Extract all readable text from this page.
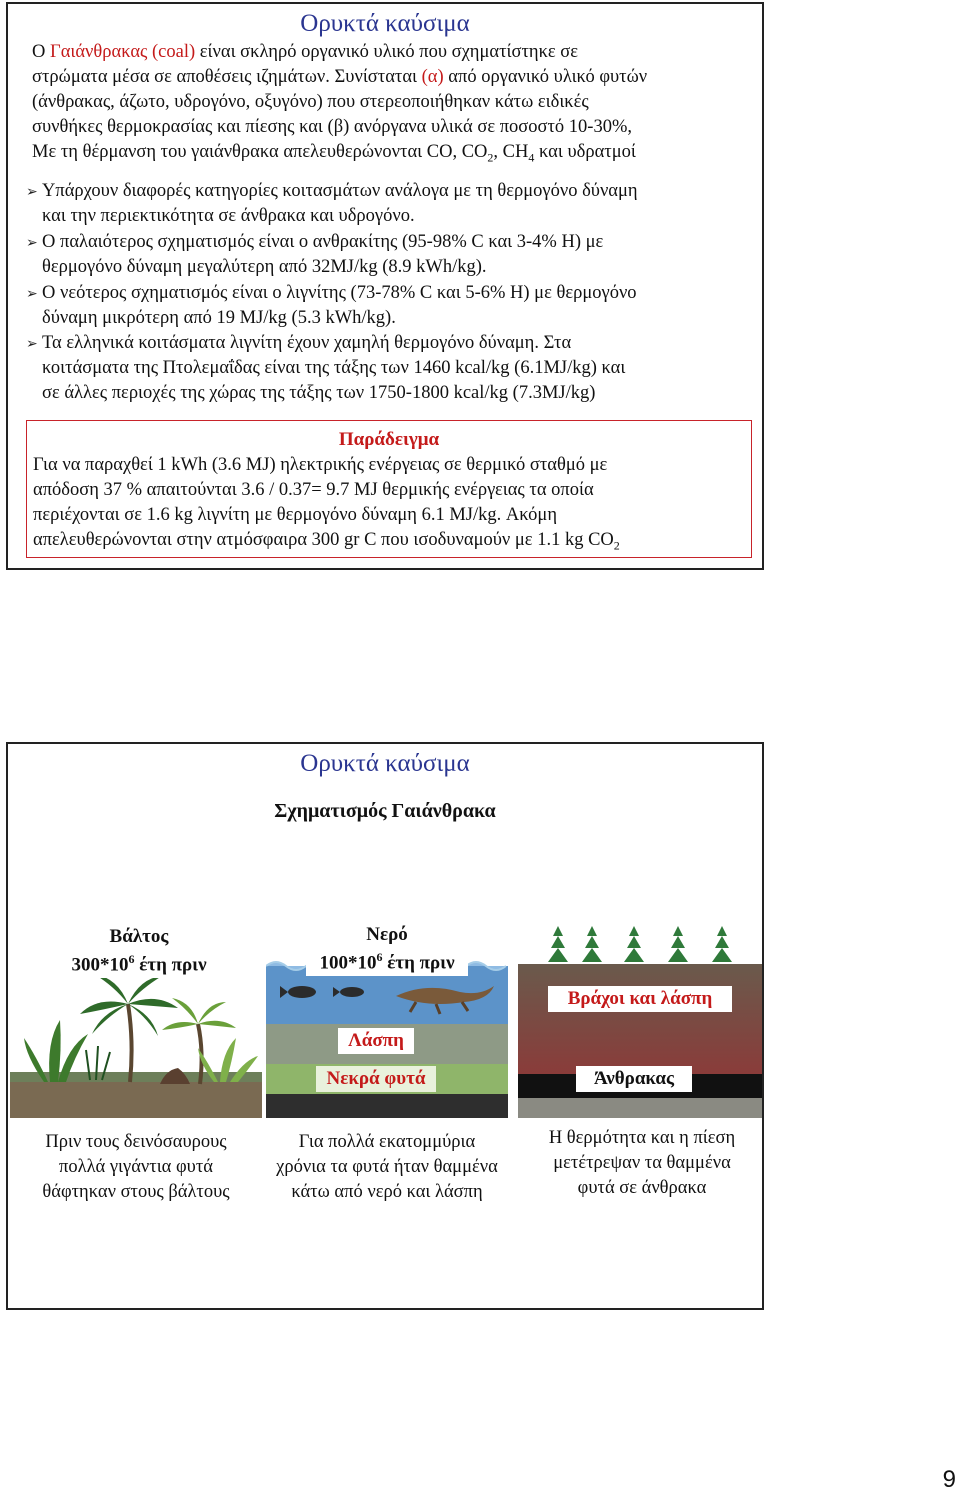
Ορυκτά καύσιμα
Ο Γαιάνθρακας (coal) είναι σκληρό οργανικό υλικό που σχηματίστηκε σε
στρώματα μέσα σε αποθέσεις ιζημάτων. Συνίσταται (α) από οργανικό υλικό φυτών
(άνθρακας, άζωτο, υδρογόνο, οξυγόνο) που στερεοποιήθηκαν κάτω ειδικές
συνθήκες θερμοκρασίας και πίεσης και (β) ανόργανα υλικά σε ποσοστό 10-30%,
Με τη θέρμανση του γαιάνθρακα απελευθερώνονται CO, $CO_2$, $CH_4$ και υδρατμοί
➢ Υπάρχουν διαφορές κατηγορίες κοιτασμάτων ανάλογα με τη θερμογόνο δύναμη
και την περιεκτικότητα σε άνθρακα και υδρογόνο.
➢ Ο παλαιότερος σχηματισμός είναι ο ανθρακίτης (95-98% C και 3-4% Η) με
θερμογόνο δύναμη μεγαλύτερη από 32MJ/kg (8.9 kWh/kg).
➢ Ο νεότερος σχηματισμός είναι ο λιγνίτης (73-78% C και 5-6% Η) με θερμογόνο
δύναμη μικρότερη από 19 MJ/kg (5.3 kWh/kg).
➢ Τα ελληνικά κοιτάσματα λιγνίτη έχουν χαμηλή θερμογόνο δύναμη. Στα
κοιτάσματα της Πτολεμαΐδας είναι της τάξης των 1460 kcal/kg (6.1MJ/kg) και
σε άλλες περιοχές της χώρας της τάξης των 1750-1800 kcal/kg (7.3MJ/kg)
Παράδειγμα
Για να παραχθεί 1 kWh (3.6 MJ) ηλεκτρικής ενέργειας σε θερμικό σταθμό με
απόδοση 37 % απαιτούνται 3.6 / 0.37= 9.7 MJ θερμικής ενέργειας τα οποία
περιέχονται σε 1.6 kg λιγνίτη με θερμογόνο δύναμη 6.1 MJ/kg. Ακόμη
απελευθερώνονται στην ατμόσφαιρα 300 gr C που ισοδυναμούν με 1.1 kg $CO_2$
Ορυκτά καύσιμα
Σχηματισμός Γαιάνθρακα
Βάλτος
$300*10^6$ έτη πριν
Νερό
$100*10^6$ έτη πριν
Λάσπη
Νεκρά φυτά
Βράχοι και λάσπη
Άνθρακας
Πριν τους δεινόσαυρους
πολλά γιγάντια φυτά
θάφτηκαν στους βάλτους
Για πολλά εκατομμύρια
χρόνια τα φυτά ήταν θαμμένα
κάτω από νερό και λάσπη
Η θερμότητα και η πίεση
μετέτρεψαν τα θαμμένα
φυτά σε άνθρακα
9
